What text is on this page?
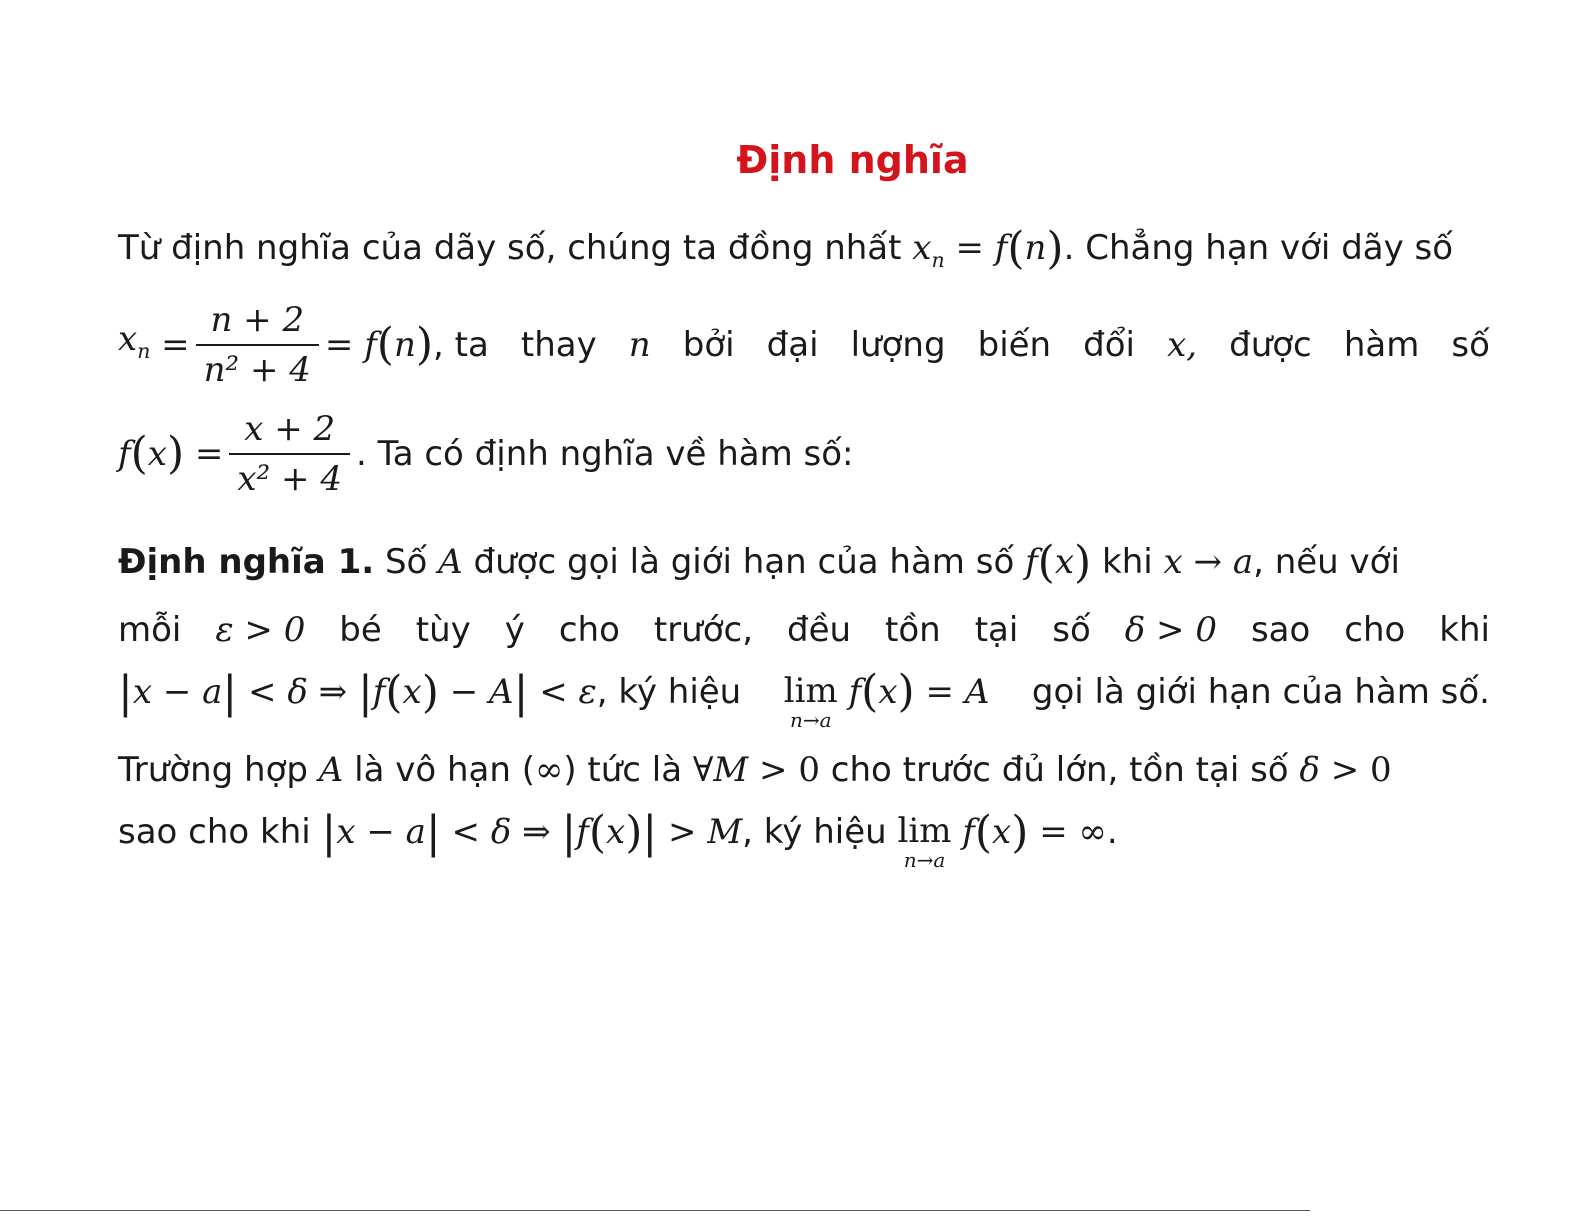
Định nghĩa
Từ định nghĩa của dãy số, chúng ta đồng nhất $x_n = f(n)$. Chẳng hạn với dãy số
$x_n = \frac{n + 2}{\text{n² + 4}} = f$ ( n ) , ta thay n bởi đại lượng biến đổi x, được hàm số
f ( x ) = $\frac{x + 2}{\text{x² + 4}}$ . Ta có định nghĩa về hàm số:
Định nghĩa 1. Số A được gọi là giới hạn của hàm số f(x) khi x → a, nếu với
mỗi ε > 0 bé tùy ý cho trước, đều tồn tại số δ > 0 sao cho khi
|x − a| < δ ⇒ |f(x) − A| < ε, ký hiệu lim
n→a
f ( x ) = A gọi là giới hạn của hàm số.
Trường hợp A là vô hạn (∞) tức là ∀M > 0 cho trước đủ lớn, tồn tại số δ > 0
sao cho khi |x − a| < δ ⇒ |f(x)| > M, ký hiệu lim
n→a
f(x) = ∞.
